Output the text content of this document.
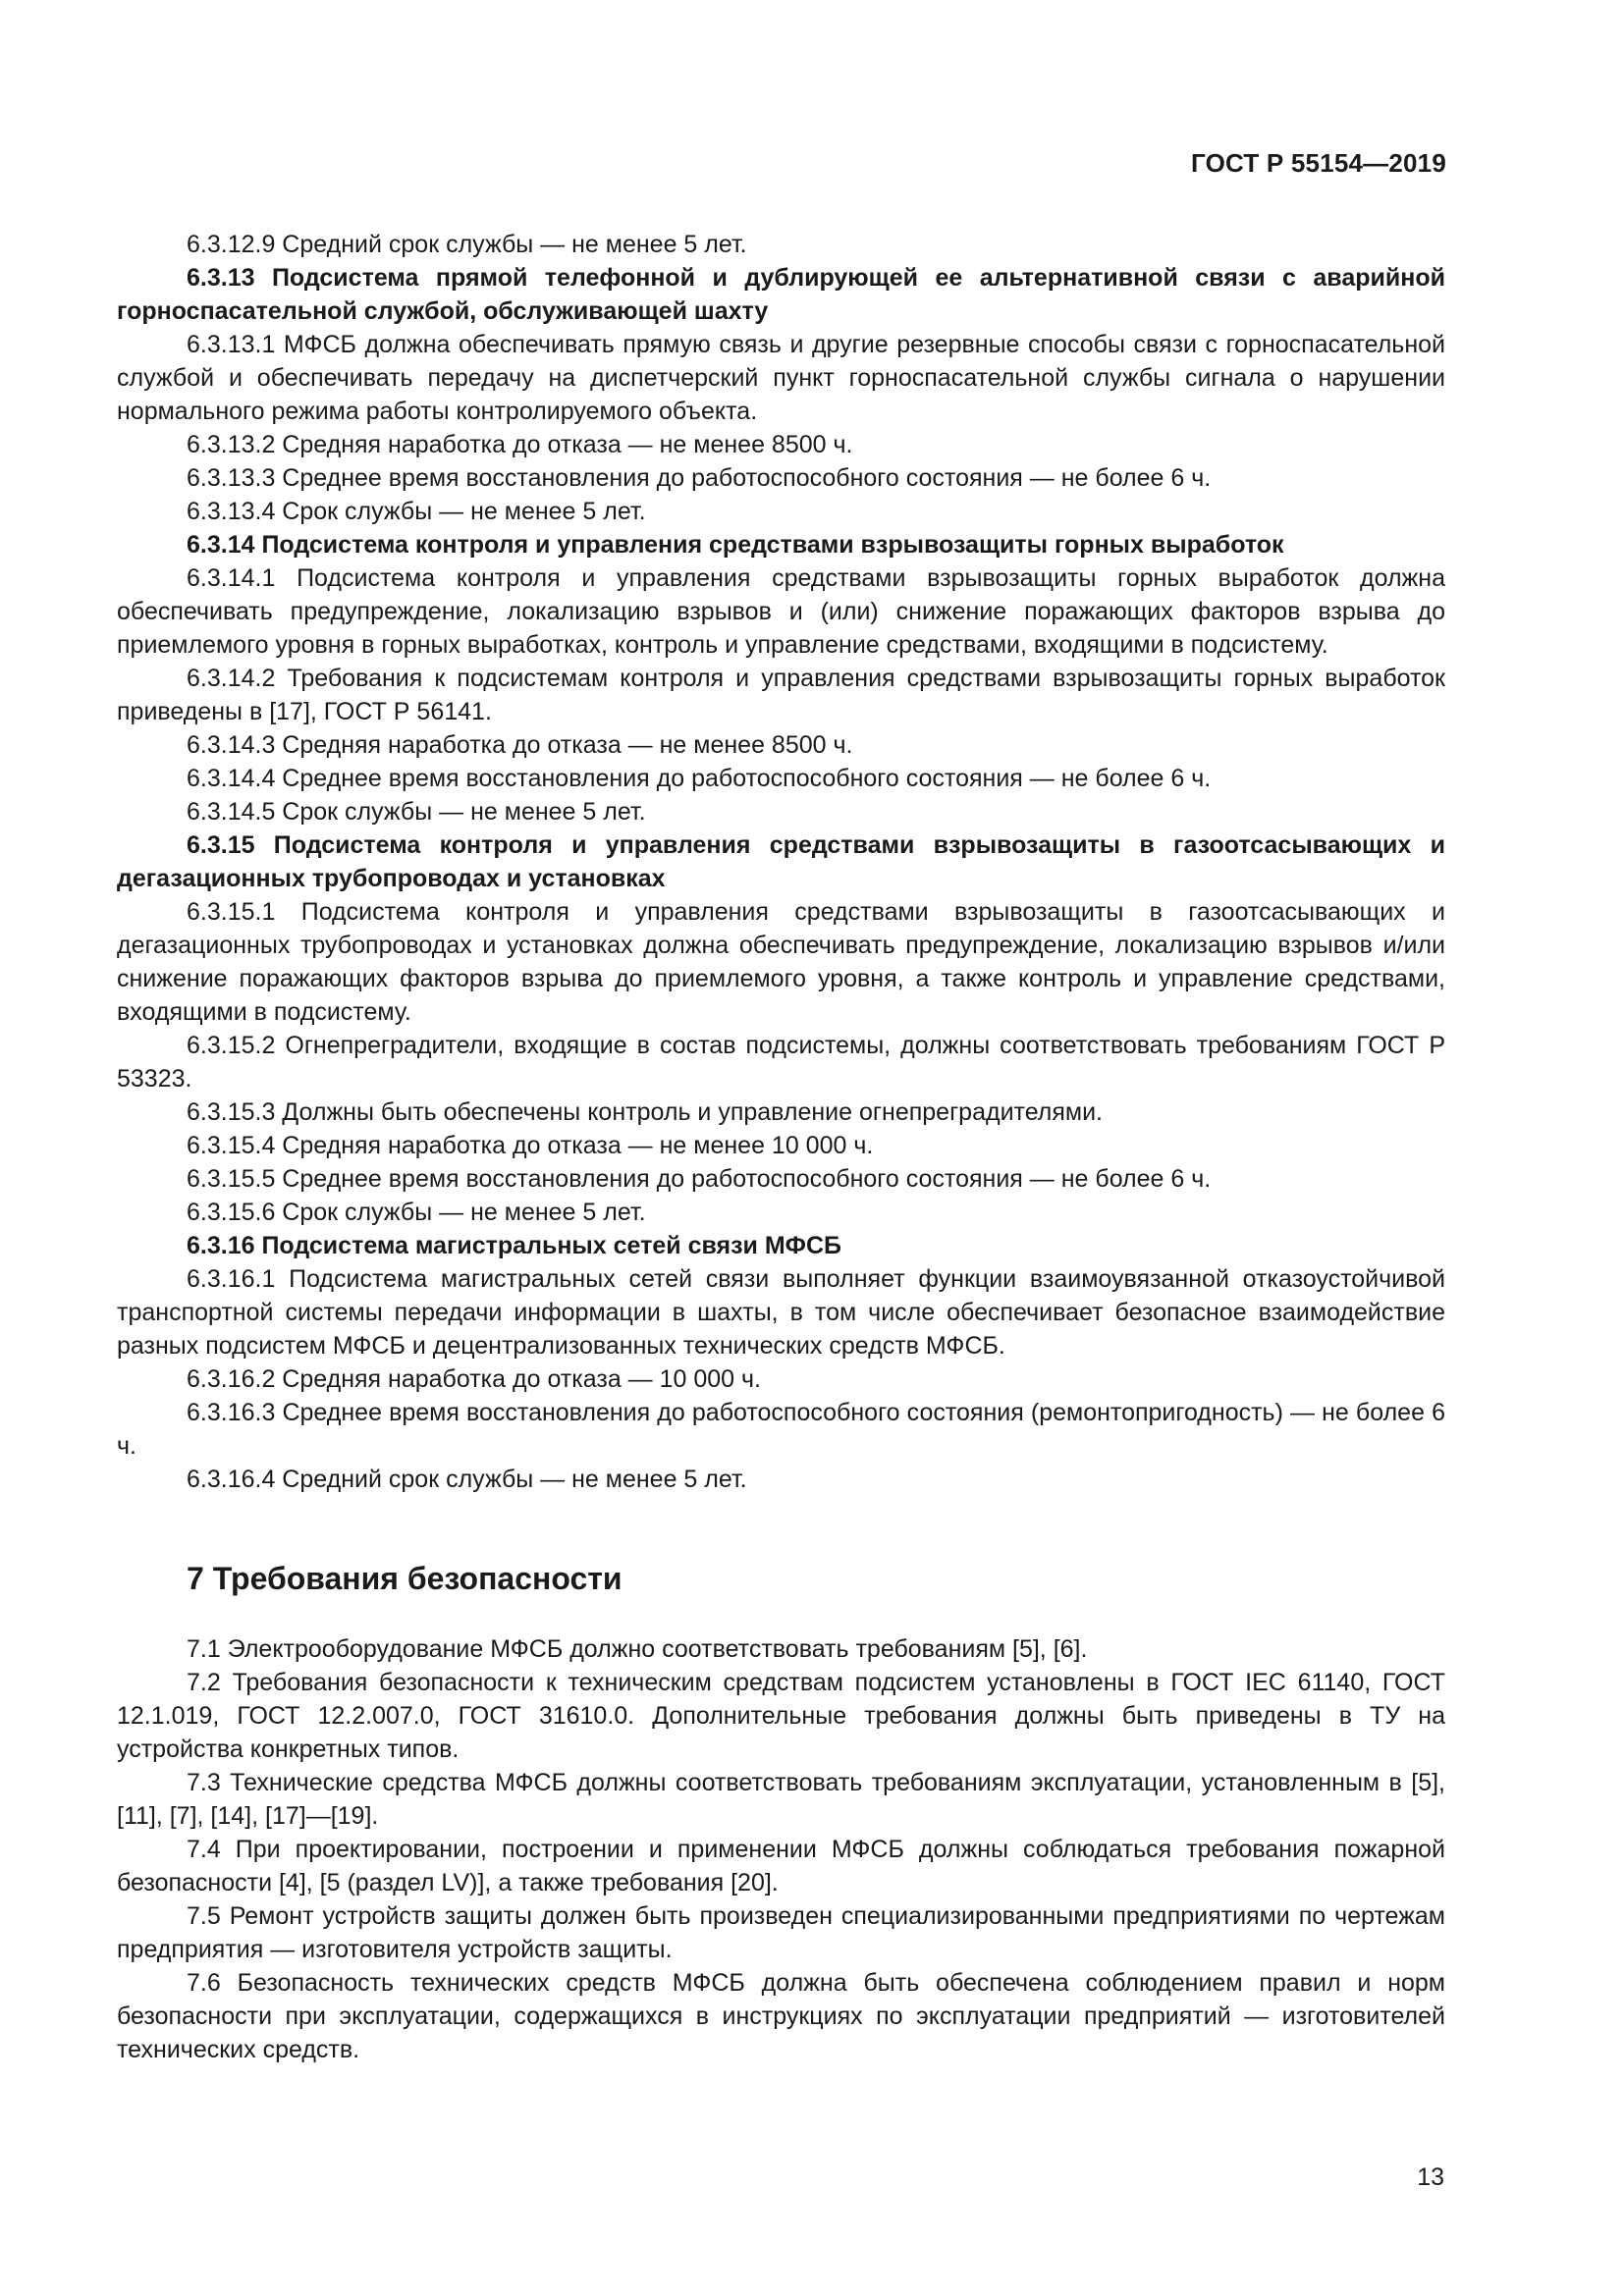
ГОСТ Р 55154—2019

6.3.12.9 Средний срок службы — не менее 5 лет.

6.3.13 Подсистема прямой телефонной и дублирующей ее альтернативной связи с аварийной горноспасательной службой, обслуживающей шахту

6.3.13.1 МФСБ должна обеспечивать прямую связь и другие резервные способы связи с горноспасательной службой и обеспечивать передачу на диспетчерский пункт горноспасательной службы сигнала о нарушении нормального режима работы контролируемого объекта.

6.3.13.2 Средняя наработка до отказа — не менее 8500 ч.

6.3.13.3 Среднее время восстановления до работоспособного состояния — не более 6 ч.

6.3.13.4 Срок службы — не менее 5 лет.

6.3.14 Подсистема контроля и управления средствами взрывозащиты горных выработок

6.3.14.1 Подсистема контроля и управления средствами взрывозащиты горных выработок должна обеспечивать предупреждение, локализацию взрывов и (или) снижение поражающих факторов взрыва до приемлемого уровня в горных выработках, контроль и управление средствами, входящими в подсистему.

6.3.14.2 Требования к подсистемам контроля и управления средствами взрывозащиты горных выработок приведены в [17], ГОСТ Р 56141.

6.3.14.3 Средняя наработка до отказа — не менее 8500 ч.

6.3.14.4 Среднее время восстановления до работоспособного состояния — не более 6 ч.

6.3.14.5 Срок службы — не менее 5 лет.

6.3.15 Подсистема контроля и управления средствами взрывозащиты в газоотсасывающих и дегазационных трубопроводах и установках

6.3.15.1 Подсистема контроля и управления средствами взрывозащиты в газоотсасывающих и дегазационных трубопроводах и установках должна обеспечивать предупреждение, локализацию взрывов и/или снижение поражающих факторов взрыва до приемлемого уровня, а также контроль и управление средствами, входящими в подсистему.

6.3.15.2 Огнепреградители, входящие в состав подсистемы, должны соответствовать требованиям ГОСТ Р 53323.

6.3.15.3 Должны быть обеспечены контроль и управление огнепреградителями.

6.3.15.4 Средняя наработка до отказа — не менее 10 000 ч.

6.3.15.5 Среднее время восстановления до работоспособного состояния — не более 6 ч.

6.3.15.6 Срок службы — не менее 5 лет.

6.3.16 Подсистема магистральных сетей связи МФСБ

6.3.16.1 Подсистема магистральных сетей связи выполняет функции взаимоувязанной отказоустойчивой транспортной системы передачи информации в шахты, в том числе обеспечивает безопасное взаимодействие разных подсистем МФСБ и децентрализованных технических средств МФСБ.

6.3.16.2 Средняя наработка до отказа — 10 000 ч.

6.3.16.3 Среднее время восстановления до работоспособного состояния (ремонтопригодность) — не более 6 ч.

6.3.16.4 Средний срок службы — не менее 5 лет.

7 Требования безопасности

7.1 Электрооборудование МФСБ должно соответствовать требованиям [5], [6].

7.2 Требования безопасности к техническим средствам подсистем установлены в ГОСТ IEC 61140, ГОСТ 12.1.019, ГОСТ 12.2.007.0, ГОСТ 31610.0. Дополнительные требования должны быть приведены в ТУ на устройства конкретных типов.

7.3 Технические средства МФСБ должны соответствовать требованиям эксплуатации, установленным в [5], [11], [7], [14], [17]—[19].

7.4 При проектировании, построении и применении МФСБ должны соблюдаться требования пожарной безопасности [4], [5 (раздел LV)], а также требования [20].

7.5 Ремонт устройств защиты должен быть произведен специализированными предприятиями по чертежам предприятия — изготовителя устройств защиты.

7.6 Безопасность технических средств МФСБ должна быть обеспечена соблюдением правил и норм безопасности при эксплуатации, содержащихся в инструкциях по эксплуатации предприятий — изготовителей технических средств.

13
